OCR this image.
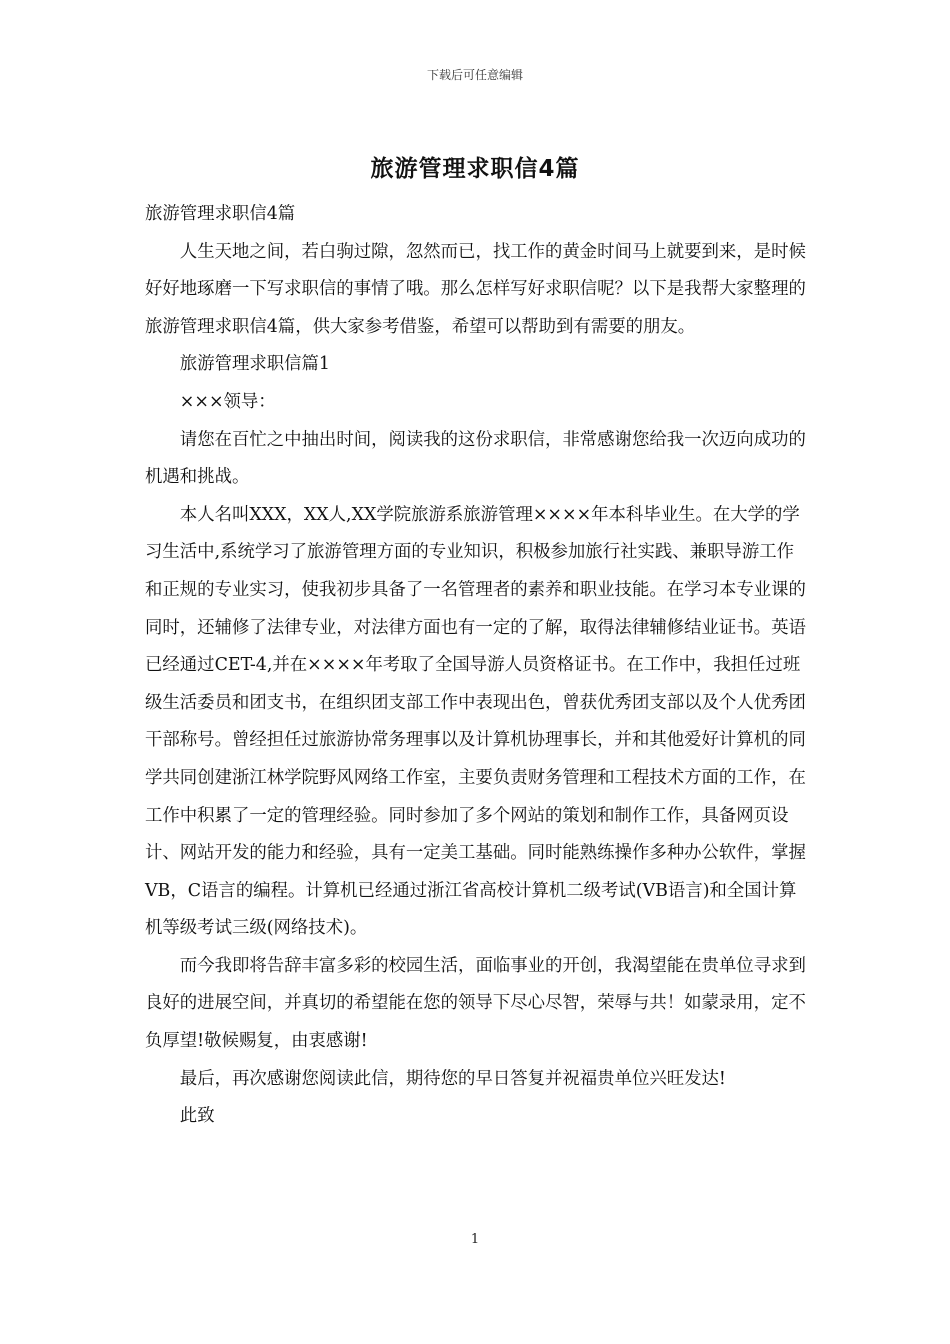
下载后可任意编辑
旅游管理求职信4篇

旅游管理求职信4篇

人生天地之间，若白驹过隙，忽然而已，找工作的黄金时间马上就要到来，是时候好好地琢磨一下写求职信的事情了哦。那么怎样写好求职信呢？以下是我帮大家整理的旅游管理求职信4篇，供大家参考借鉴，希望可以帮助到有需要的朋友。

旅游管理求职信篇1

×××领导：

请您在百忙之中抽出时间，阅读我的这份求职信，非常感谢您给我一次迈向成功的机遇和挑战。

本人名叫XXX，XX人,XX学院旅游系旅游管理××××年本科毕业生。在大学的学习生活中,系统学习了旅游管理方面的专业知识，积极参加旅行社实践、兼职导游工作和正规的专业实习，使我初步具备了一名管理者的素养和职业技能。在学习本专业课的同时，还辅修了法律专业，对法律方面也有一定的了解，取得法律辅修结业证书。英语已经通过CET-4,并在××××年考取了全国导游人员资格证书。在工作中，我担任过班级生活委员和团支书，在组织团支部工作中表现出色，曾获优秀团支部以及个人优秀团干部称号。曾经担任过旅游协常务理事以及计算机协理事长，并和其他爱好计算机的同学共同创建浙江林学院野风网络工作室，主要负责财务管理和工程技术方面的工作，在工作中积累了一定的管理经验。同时参加了多个网站的策划和制作工作，具备网页设计、网站开发的能力和经验，具有一定美工基础。同时能熟练操作多种办公软件，掌握VB，C语言的编程。计算机已经通过浙江省高校计算机二级考试(VB语言)和全国计算机等级考试三级(网络技术)。

而今我即将告辞丰富多彩的校园生活，面临事业的开创，我渴望能在贵单位寻求到良好的进展空间，并真切的希望能在您的领导下尽心尽智，荣辱与共！如蒙录用，定不负厚望!敬候赐复，由衷感谢!

最后，再次感谢您阅读此信，期待您的早日答复并祝福贵单位兴旺发达!

此致

1
